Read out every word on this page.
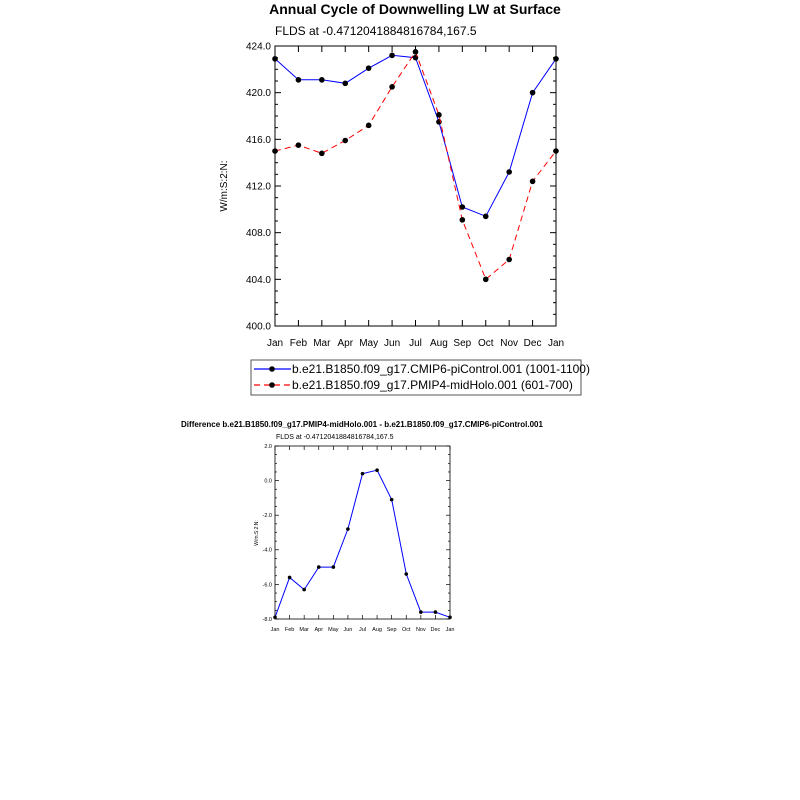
Annual Cycle of Downwelling LW at Surface
FLDS at -0.4712041884816784,167.5
W/m:S:2:N:
Jan Feb Mar Apr May Jun Jul Aug Sep Oct Nov Dec Jan
400.0
404.0
408.0
412.0
416.0
420.0
424.0
b.e21.B1850.f09_g17.CMIP6-piControl.001 (1001-1100)
b.e21.B1850.f09_g17.PMIP4-midHolo.001 (601-700)
Difference b.e21.B1850.f09_g17.PMIP4-midHolo.001 - b.e21.B1850.f09_g17.CMIP6-piControl.001
FLDS at -0.4712041884816784,167.5
W/m:S:2:N:
Jan Feb Mar Apr May Jun Jul Aug Sep Oct Nov Dec Jan
-8.0
-6.0
-4.0
-2.0
0.0
2.0
